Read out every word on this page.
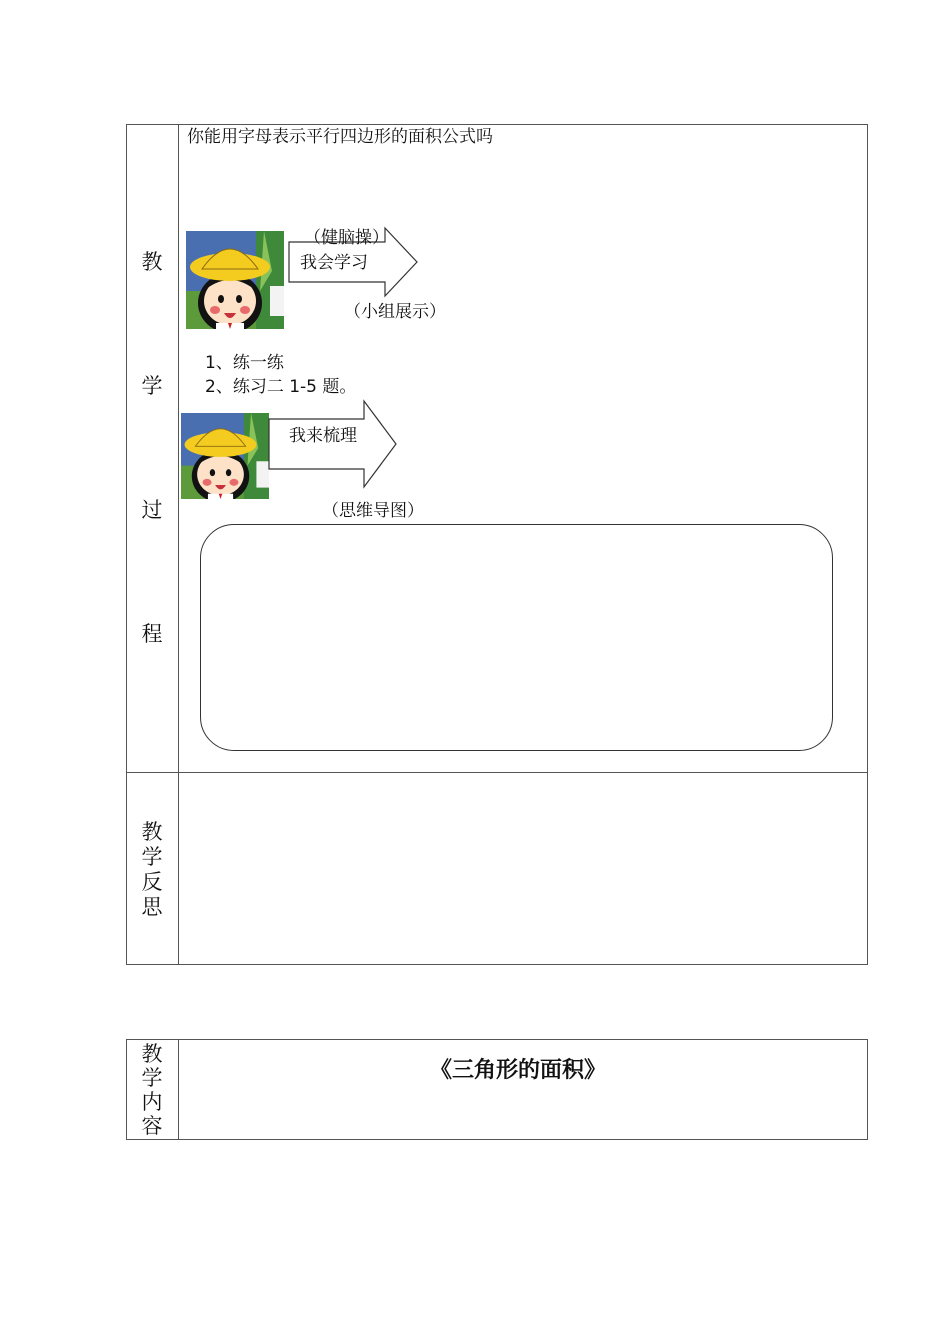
教
学
过
程
你能用字母表示平行四边形的面积公式吗
（健脑操）
我会学习
（小组展示）
1、练一练
2、练习二 1-5 题。
我来梳理
（思维导图）
教
学
反
思
教
学
内
容
《三角形的面积》
